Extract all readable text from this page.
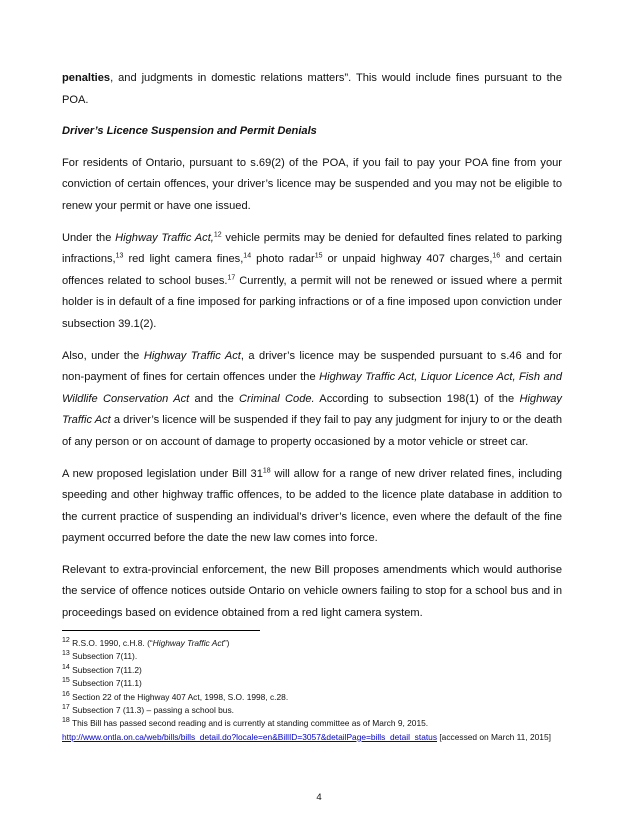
penalties, and judgments in domestic relations matters”. This would include fines pursuant to the POA.

Driver’s Licence Suspension and Permit Denials

For residents of Ontario, pursuant to s.69(2) of the POA, if you fail to pay your POA fine from your conviction of certain offences, your driver’s licence may be suspended and you may not be eligible to renew your permit or have one issued.

Under the Highway Traffic Act,$^{12}$ vehicle permits may be denied for defaulted fines related to parking infractions,$^{13}$ red light camera fines,$^{14}$ photo radar$^{15}$ or unpaid highway 407 charges,$^{16}$ and certain offences related to school buses.$^{17}$ Currently, a permit will not be renewed or issued where a permit holder is in default of a fine imposed for parking infractions or of a fine imposed upon conviction under subsection 39.1(2).

Also, under the Highway Traffic Act, a driver’s licence may be suspended pursuant to s.46 and for non-payment of fines for certain offences under the Highway Traffic Act, Liquor Licence Act, Fish and Wildlife Conservation Act and the Criminal Code. According to subsection 198(1) of the Highway Traffic Act a driver’s licence will be suspended if they fail to pay any judgment for injury to or the death of any person or on account of damage to property occasioned by a motor vehicle or street car.

A new proposed legislation under Bill $31^{18}$ will allow for a range of new driver related fines, including speeding and other highway traffic offences, to be added to the licence plate database in addition to the current practice of suspending an individual’s driver’s licence, even where the default of the fine payment occurred before the date the new law comes into force.

Relevant to extra-provincial enforcement, the new Bill proposes amendments which would authorise the service of offence notices outside Ontario on vehicle owners failing to stop for a school bus and in proceedings based on evidence obtained from a red light camera system.

$^{12}$ R.S.O. 1990, c.H.8. (“Highway Traffic Act”)
$^{13}$ Subsection 7(11).
$^{14}$ Subsection 7(11.2)
$^{15}$ Subsection 7(11.1)
$^{16}$ Section 22 of the Highway 407 Act, 1998, S.O. 1998, c.28.
$^{17}$ Subsection 7 (11.3) – passing a school bus.
$^{18}$ This Bill has passed second reading and is currently at standing committee as of March 9, 2015.
http://www.ontla.on.ca/web/bills/bills_detail.do?locale=en&BillID=3057&detailPage=bills_detail_status [accessed on March 11, 2015]
4
